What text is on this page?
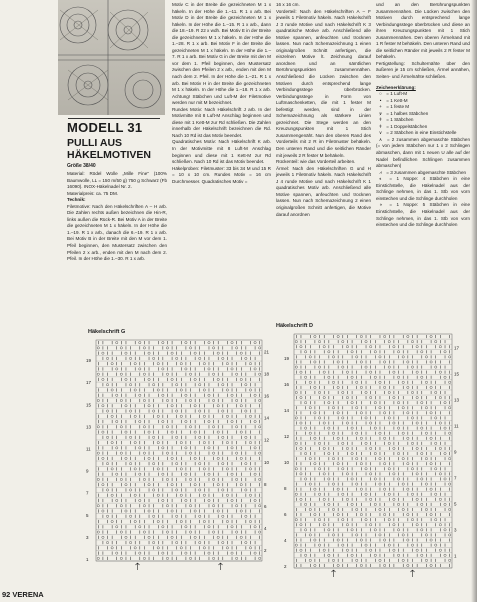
MODELL 31
PULLI AUS
HÄKELMOTIVEN
Größe 38/40

Material: Rödel Wolle „Mille Fine" (100% Baumwolle, LL = 150 m/50 g) 750 g Schwarz (Fb 16090). INOX-Häkelnadel Nr. 2.

Materialpreis: ca. 75 DM.

Technik:

Filetmotive: Nach den Häkelschriften A – H arb. Die Zahlen rechts außen bezeichnen die Hin-R, links außen die Rück-R. Bei Motiv A in der Breite die gezeichneten M 1 x häkeln. In der Höhe die 1.–19. R 1 x arb., danach die 6.–19. R 1 x arb. Bei Motiv B in der Breite mit den M vor dem 1. Pfeil beginnen, den Mustersatz zwischen den Pfeilen 2 x arb., enden mit den M nach dem 2. Pfeil. In der Höhe die 1.–30. R 1 x arb.

Motiv C in der Breite die gezeichneten M 1 x häkeln. In der Höhe die 1.–11. R 1 x arb. Bei Motiv D in der Breite die gezeichneten M 1 x häkeln. In der Höhe die 1.–15. R 1 x arb., dann die 18.–19. R 22 x wdh. Bei Motiv E in der Breite die gezeichneten M 1 x häkeln. In der Höhe die 1.–28. R 1 x arb. Bei Motiv F in der Breite die gezeichneten M 1 x häkeln. In der Höhe die 1.–7. R 1 x arb. Bei Motiv G in der Breite mit den M vor dem 1. Pfeil beginnen, den Mustersatz zwischen den Pfeilen 2 x arb., enden mit den M nach dem 2. Pfeil. In der Höhe die 1.–21. R 1 x arb. Bei Motiv H in der Breite die gezeichneten M 1 x häkeln. In der Höhe die 1.–18. R 1 x arb. Achtung! Stäbchen und Luft-M der Filetmotive werden nur mit M bezeichnet.

Rundes Motiv: Nach Häkelschrift J arb. In der Motivmitte mit 8 Luft-M Anschlag beginnen und diese mit 1 Kett-M zur Rd schließen. Die Zahlen innerhalb der Häkelschrift bezeichnen die Rd. Nach 10 Rd ist das Motiv beendet.

Quadratisches Motiv: Nach Häkelschrift K arb. In der Motivmitte mit 8 Luft-M Anschlag beginnen und diese mit 1 Kett-M zur Rd schließen. Nach 10 Rd ist das Motiv beendet.

Häkelproben: Filetmuster: 33 bis 34 M und 15 R = 10 x 10 cm. Rundes Motiv = 16 cm Durchmesser. Quadratisches Motiv =

16 x 16 cm.

Vorderteil: Nach den Häkelschriften A – F jeweils 1 Filetmotiv häkeln. Nach Häkelschrift J 3 runde Motive und nach Häkelschrift K 3 quadratische Motive arb. Anschließend alle Motive spannen, anfeuchten und trocknen lassen. Nun nach Schemazeichnung 1 einen originalgroßen Schnitt anfertigen, die einzelnen Motive lt. Zeichnung darauf anordnen und an sämtlichen Berührungspunkten zusammennähen. Anschließend die Lücken zwischen den Motiven durch entsprechend lange Verbindungsstege überbrücken. Verbindungsstege in Form von Luftmaschenketten, die mit 1 fester M befestigt werden, sind in der Schemazeichnung als stärkere Linien gezeichnet. Die Stege werden an den Kreuzungspunkten mit 1 Stich zusammengenäht. Nun den oberen Rand des Vorderteils mit 2 R im Filetmuster behäkeln. Den unteren Rand und die seitlichen Ränder mit jeweils 2 R fester M behäkeln.

Rückenteil: wie das Vorderteil arbeiten.

Ärmel: Nach den Häkelschriften G und H jeweils 1 Filetmotiv häkeln. Nach Häkelschrift J 4 runde Motive und nach Häkelschrift K 1 quadratisches Motiv arb. Anschließend alle Motive spannen, anfeuchten und trocknen lassen. Nun nach Schemazeichnung 2 einen originalgroßen Schnitt anfertigen, die Motive darauf anordnen

und an den Berührungspunkten zusammennähen. Die Lücken zwischen den Motiven durch entsprechend lange Verbindungsstege überbrücken und diese an ihren Kreuzungspunkten mit 1 Stich zusammennähen. Den oberen Ärmelrand mit 1 R fester M behäkeln. Den unteren Rand und die seitlichen Ränder mit jeweils 2 R fester M behäkeln.

Fertigstellung: Schulternähte über den äußeren je 15 cm schließen, Ärmel annähen, Seiten- und Ärmelnähte schließen.

Zeichenerklärung:

○ = 1 Luft-M

• = 1 Kett-M

+ = 1 feste M

ꝟ = 1 halbes Stäbchen

ǂ = 1 Stäbchen

ǂ = 1 Doppelstäbchen

∨ = 2 Stäbchen in eine Einstichstelle

∧ = 2 zusammen abgemaschte Stäbchen (= von jedem Stäbchen nur 1 x 2 Schlingen abmaschen, dann mit 1 neuen U alle auf der Nadel befindlichen Schlingen zusammen abmaschen)

⩘ = 3 zusammen abgemaschte Stäbchen

◐ = 1 Noppe: 4 Stäbchen in eine Einstichstelle, die Häkelnadel aus der Schlinge nehmen, in das 1. Stb von vorn einstechen und die Schlinge durchholen

◑ = 1 Noppe: 5 Stäbchen in eine Einstichstelle, die Häkelnadel aus der Schlinge nehmen, in das 1. Stb von vorn einstechen und die Schlinge durchholen

Häkelschrift G
21
18
16
14
12
10
8
6
4
2
19
17
15
13
11
9
7
5
3
1
Häkelschrift D
17
15
13
11
9
7
5
3
1
19
16
14
12
10
8
6
4
2
92 VERENA
